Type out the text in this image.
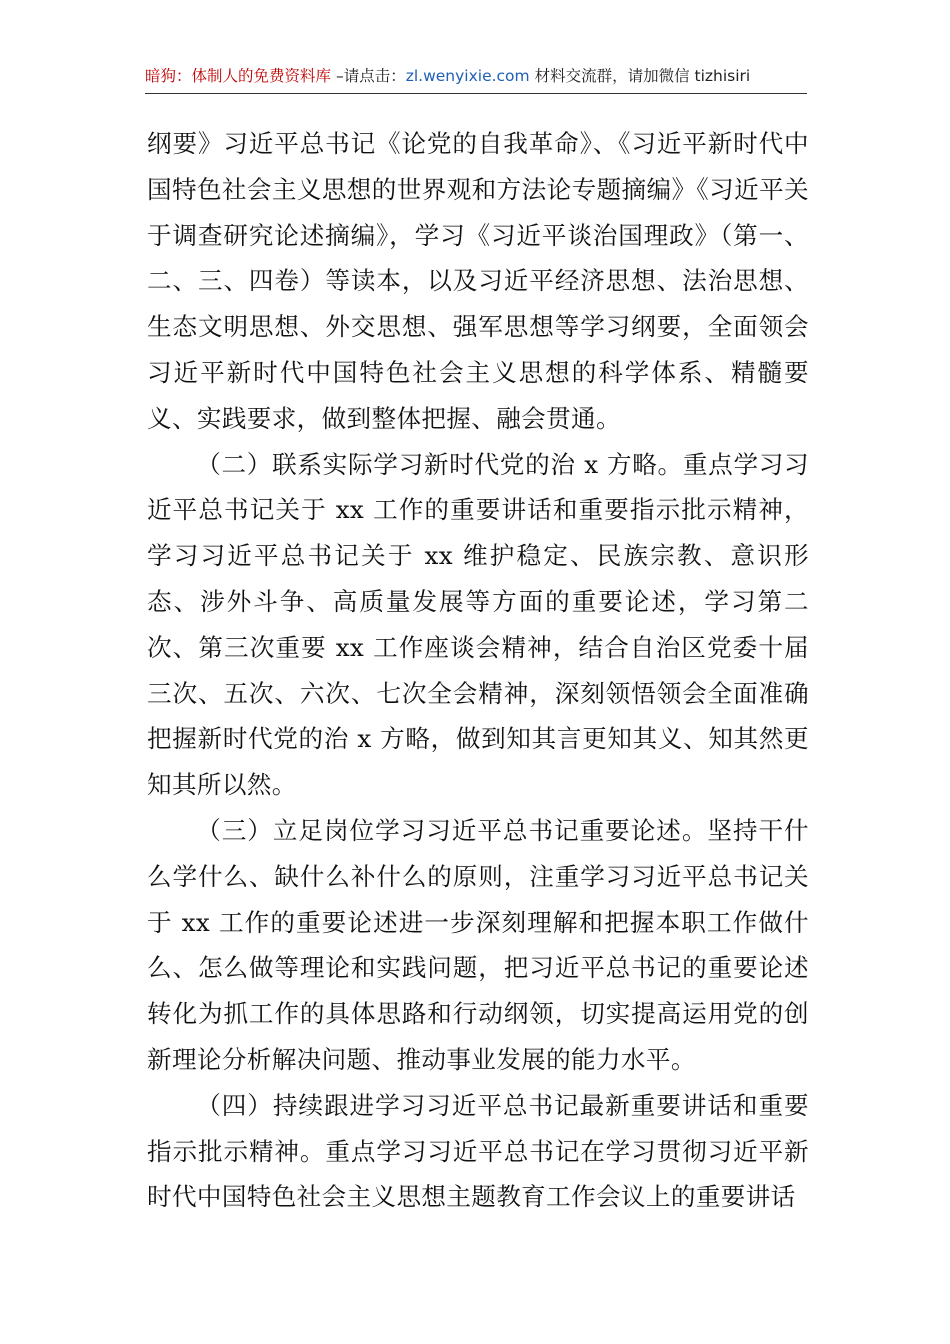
暗狗：体制人的免费资料库 –请点击：zl.wenyixie.com 材料交流群，请加微信 tizhisiri

纲要》习近平总书记《论党的自我革命》、《习近平新时代中国特色社会主义思想的世界观和方法论专题摘编》《习近平关于调查研究论述摘编》，学习《习近平谈治国理政》（第一、二、三、四卷）等读本，以及习近平经济思想、法治思想、生态文明思想、外交思想、强军思想等学习纲要，全面领会习近平新时代中国特色社会主义思想的科学体系、精髓要义、实践要求，做到整体把握、融会贯通。

（二）联系实际学习新时代党的治 x 方略。重点学习习近平总书记关于 xx 工作的重要讲话和重要指示批示精神，学习习近平总书记关于 xx 维护稳定、民族宗教、意识形态、涉外斗争、高质量发展等方面的重要论述，学习第二次、第三次重要 xx 工作座谈会精神，结合自治区党委十届三次、五次、六次、七次全会精神，深刻领悟领会全面准确把握新时代党的治 x 方略，做到知其言更知其义、知其然更知其所以然。

（三）立足岗位学习习近平总书记重要论述。坚持干什么学什么、缺什么补什么的原则，注重学习习近平总书记关于 xx 工作的重要论述进一步深刻理解和把握本职工作做什么、怎么做等理论和实践问题，把习近平总书记的重要论述转化为抓工作的具体思路和行动纲领，切实提高运用党的创新理论分析解决问题、推动事业发展的能力水平。

（四）持续跟进学习习近平总书记最新重要讲话和重要指示批示精神。重点学习习近平总书记在学习贯彻习近平新时代中国特色社会主义思想主题教育工作会议上的重要讲话
